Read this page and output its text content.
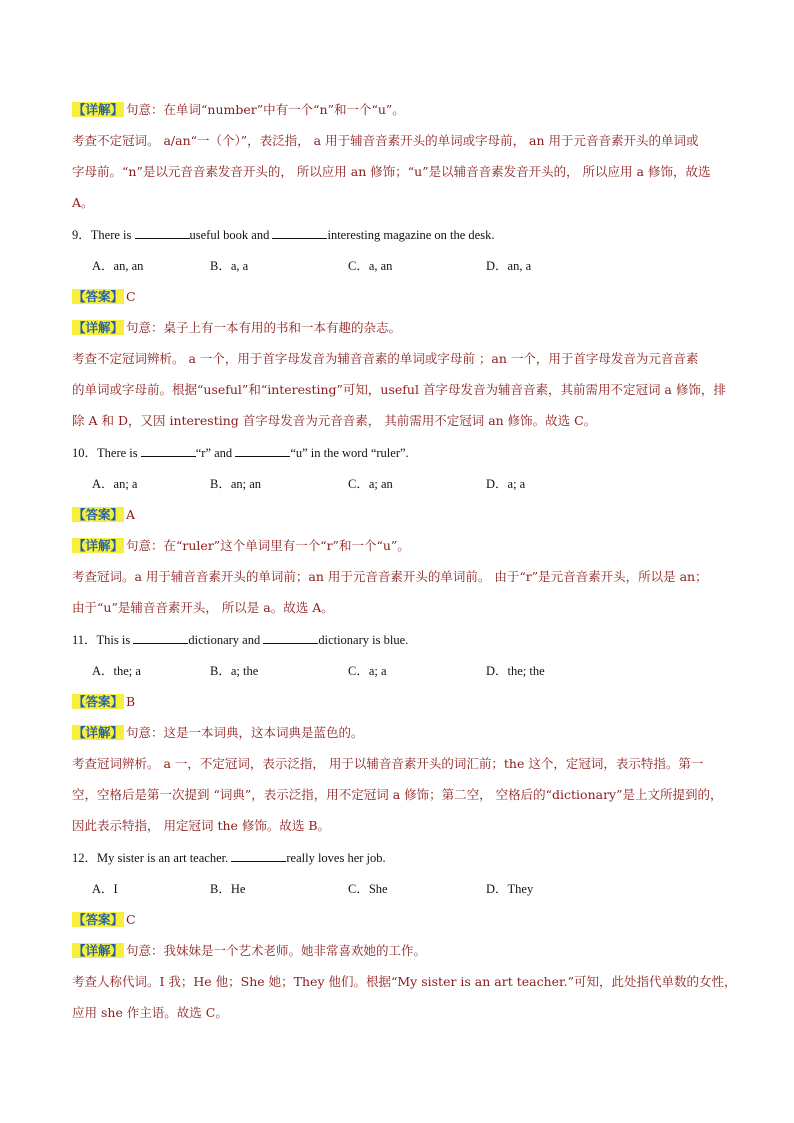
【详解】 句意：在单词“number”中有一个“n”和一个“u”。
考查不定冠词。 a/an“一（个）”，表泛指， a 用于辅音音素开头的单词或字母前， an 用于元音音素开头的单词或
字母前。“n”是以元音音素发音开头的， 所以应用 an 修饰；“u”是以辅音音素发音开头的， 所以应用 a 修饰，故选
A。
9．There is	useful book and	interesting magazine on the desk.
A．an, an	B．a, a	C．a, an	D．an, a
【答案】 C
【详解】 句意：桌子上有一本有用的书和一本有趣的杂志。
考查不定冠词辨析。 a 一个，用于首字母发音为辅音音素的单词或字母前 ；an 一个，用于首字母发音为元音音素
的单词或字母前。根据“useful”和“interesting”可知，useful 首字母发音为辅音音素，其前需用不定冠词 a 修饰，排
除 A 和 D，又因 interesting 首字母发音为元音音素， 其前需用不定冠词 an 修饰。故选 C。
10．There is	“r” and	“u” in the word “ruler”.
A．an; a	B．an; an	C．a; an	D．a; a
【答案】 A
【详解】 句意：在“ruler”这个单词里有一个“r”和一个“u”。
考查冠词。a 用于辅音音素开头的单词前；an 用于元音音素开头的单词前。 由于“r”是元音音素开头，所以是 an；
由于“u”是辅音音素开头， 所以是 a。故选 A。
11．This is	dictionary and	dictionary is blue.
A．the; a	B．a; the	C．a; a	D．the; the
【答案】 B
【详解】 句意：这是一本词典，这本词典是蓝色的。
考查冠词辨析。 a 一，不定冠词，表示泛指， 用于以辅音音素开头的词汇前；the 这个，定冠词，表示特指。第一
空，空格后是第一次提到 “词典”，表示泛指，用不定冠词 a 修饰；第二空， 空格后的“dictionary”是上文所提到的，
因此表示特指， 用定冠词 the 修饰。故选 B。
12．My sister is an art teacher.	really loves her job.
A．I	B．He	C．She	D．They
【答案】 C
【详解】 句意：我妹妹是一个艺术老师。她非常喜欢她的工作。
考查人称代词。I 我；He 他；She 她；They 他们。根据“My sister is an art teacher.”可知，此处指代单数的女性，
应用 she 作主语。故选 C。
